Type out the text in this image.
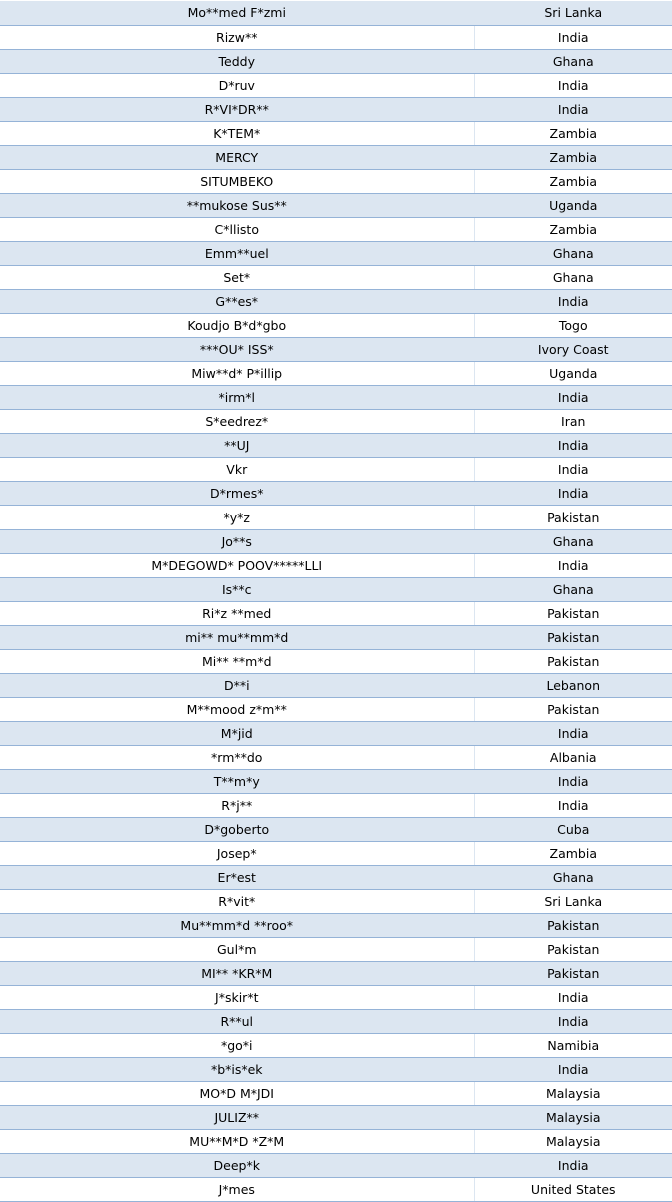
Mo**med F*zmi	Sri Lanka
Rizw**	India
Teddy	Ghana
D*ruv	India
R*VI*DR**	India
K*TEM*	Zambia
MERCY	Zambia
SITUMBEKO	Zambia
**mukose Sus**	Uganda
C*llisto	Zambia
Emm**uel	Ghana
Set*	Ghana
G**es*	India
Koudjo B*d*gbo	Togo
***OU* ISS*	Ivory Coast
Miw**d* P*illip	Uganda
*irm*l	India
S*eedrez*	Iran
**UJ	India
Vkr	India
D*rmes*	India
*y*z	Pakistan
Jo**s	Ghana
M*DEGOWD* POOV*****LLI	India
Is**c	Ghana
Ri*z **med	Pakistan
mi** mu**mm*d	Pakistan
Mi** **m*d	Pakistan
D**i	Lebanon
M**mood z*m**	Pakistan
M*jid	India
*rm**do	Albania
T**m*y	India
R*j**	India
D*goberto	Cuba
Josep*	Zambia
Er*est	Ghana
R*vit*	Sri Lanka
Mu**mm*d **roo*	Pakistan
Gul*m	Pakistan
MI** *KR*M	Pakistan
J*skir*t	India
R**ul	India
*go*i	Namibia
*b*is*ek	India
MO*D M*JDI	Malaysia
JULIZ**	Malaysia
MU**M*D *Z*M	Malaysia
Deep*k	India
J*mes	United States
